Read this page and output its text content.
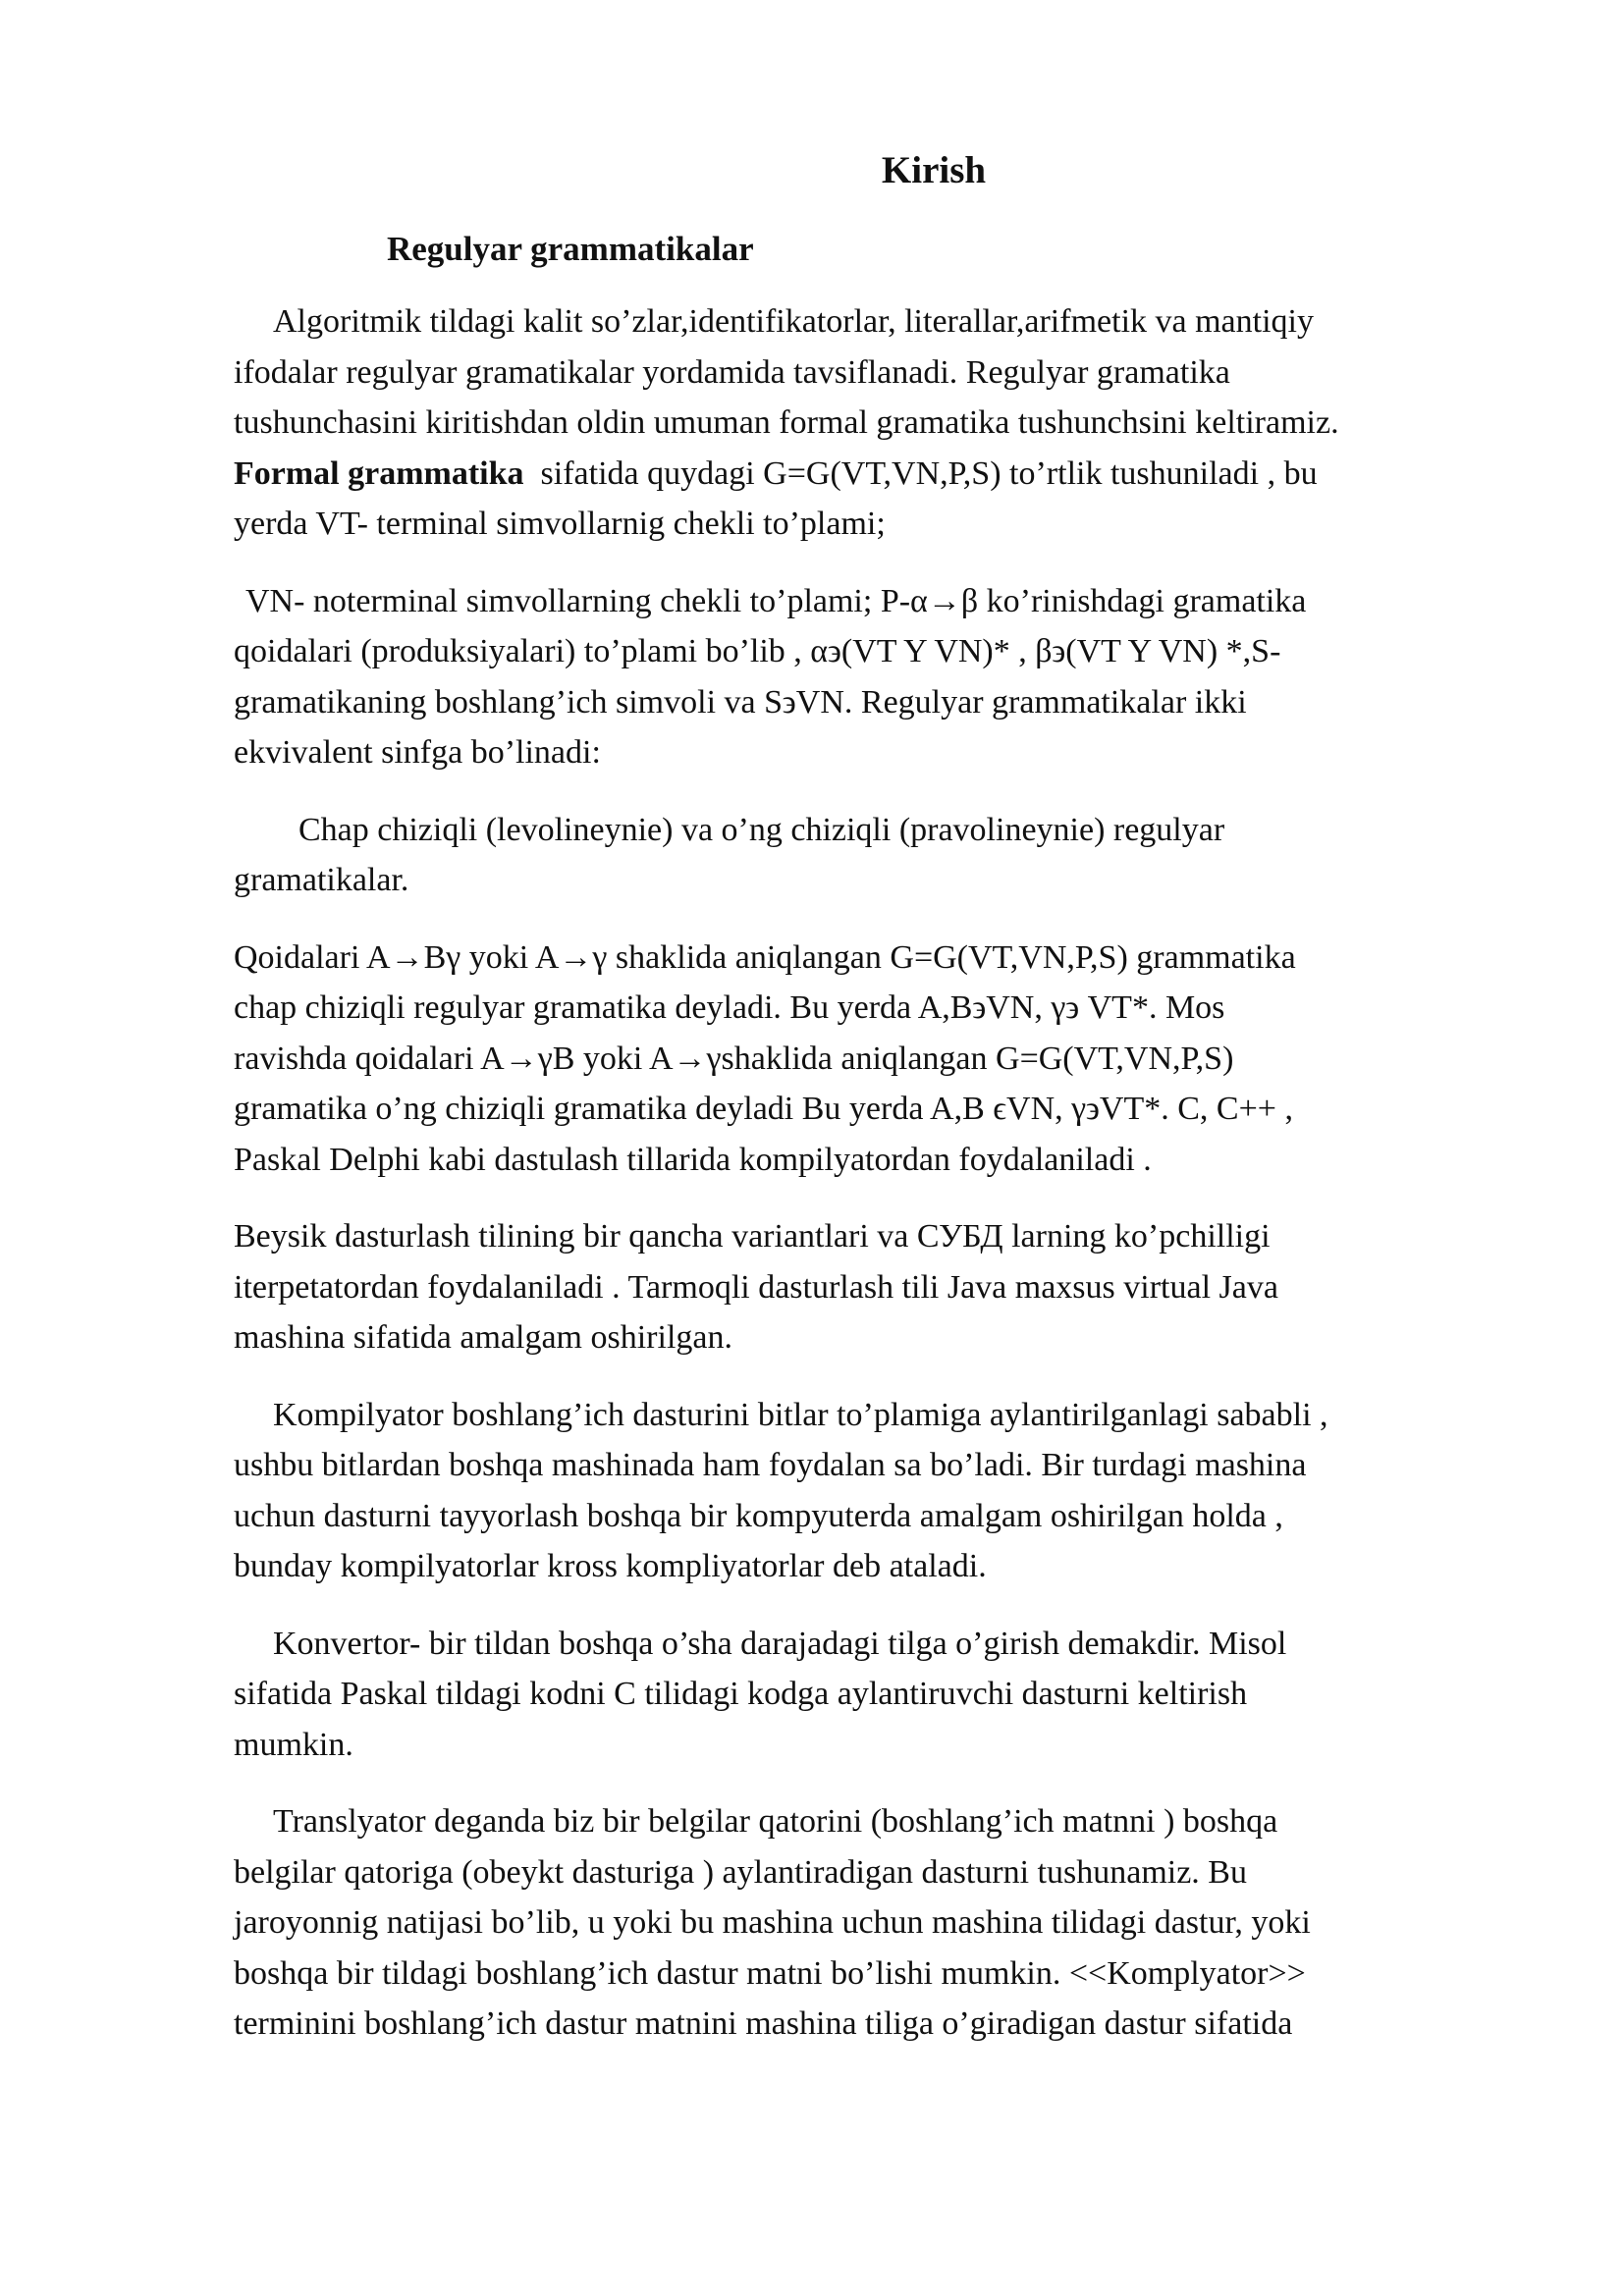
Kirish
Regulyar grammatikalar

Algoritmik tildagi kalit so’zlar,identifikatorlar, literallar,arifmetik va mantiqiy
ifodalar regulyar gramatikalar yordamida tavsiflanadi. Regulyar gramatika
tushunchasini kiritishdan oldin umuman formal gramatika tushunchsini keltiramiz.
Formal grammatika  sifatida quydagi G=G(VT,VN,P,S) to’rtlik tushuniladi , bu
yerda VT- terminal simvollarnig chekli to’plami;

VN- noterminal simvollarning chekli to’plami; P-α→β ko’rinishdagi gramatika
qoidalari (produksiyalari) to’plami bo’lib , α϶(VT Y VN)* , β϶(VT Y VN) *,S-
gramatikaning boshlang’ich simvoli va S϶VN. Regulyar grammatikalar ikki
ekvivalent sinfga bo’linadi:

Chap chiziqli (levolineynie) va o’ng chiziqli (pravolineynie) regulyar
gramatikalar.

Qoidalari A→Bγ yoki A→γ shaklida aniqlangan G=G(VT,VN,P,S) grammatika
chap chiziqli regulyar gramatika deyladi. Bu yerda A,B϶VN, γ϶ VT*. Mos
ravishda qoidalari A→γB yoki A→γshaklida aniqlangan G=G(VT,VN,P,S)
gramatika o’ng chiziqli gramatika deyladi Bu yerda A,B ϵVN, γ϶VT*. C, C++ ,
Paskal Delphi kabi dastulash tillarida kompilyatordan foydalaniladi .

Beysik dasturlash tilining bir qancha variantlari va СУБД larning ko’pchilligi
iterpetatordan foydalaniladi . Tarmoqli dasturlash tili Java maxsus virtual Java
mashina sifatida amalgam oshirilgan.

Kompilyator boshlang’ich dasturini bitlar to’plamiga aylantirilganlagi sababli ,
ushbu bitlardan boshqa mashinada ham foydalan sa bo’ladi. Bir turdagi mashina
uchun dasturni tayyorlash boshqa bir kompyuterda amalgam oshirilgan holda ,
bunday kompilyatorlar kross kompliyatorlar deb ataladi.

Konvertor- bir tildan boshqa o’sha darajadagi tilga o’girish demakdir. Misol
sifatida Paskal tildagi kodni C tilidagi kodga aylantiruvchi dasturni keltirish
mumkin.

Translyator deganda biz bir belgilar qatorini (boshlang’ich matnni ) boshqa
belgilar qatoriga (obeykt dasturiga ) aylantiradigan dasturni tushunamiz. Bu
jaroyonnig natijasi bo’lib, u yoki bu mashina uchun mashina tilidagi dastur, yoki
boshqa bir tildagi boshlang’ich dastur matni bo’lishi mumkin. <<Komplyator>>
terminini boshlang’ich dastur matnini mashina tiliga o’giradigan dastur sifatida
